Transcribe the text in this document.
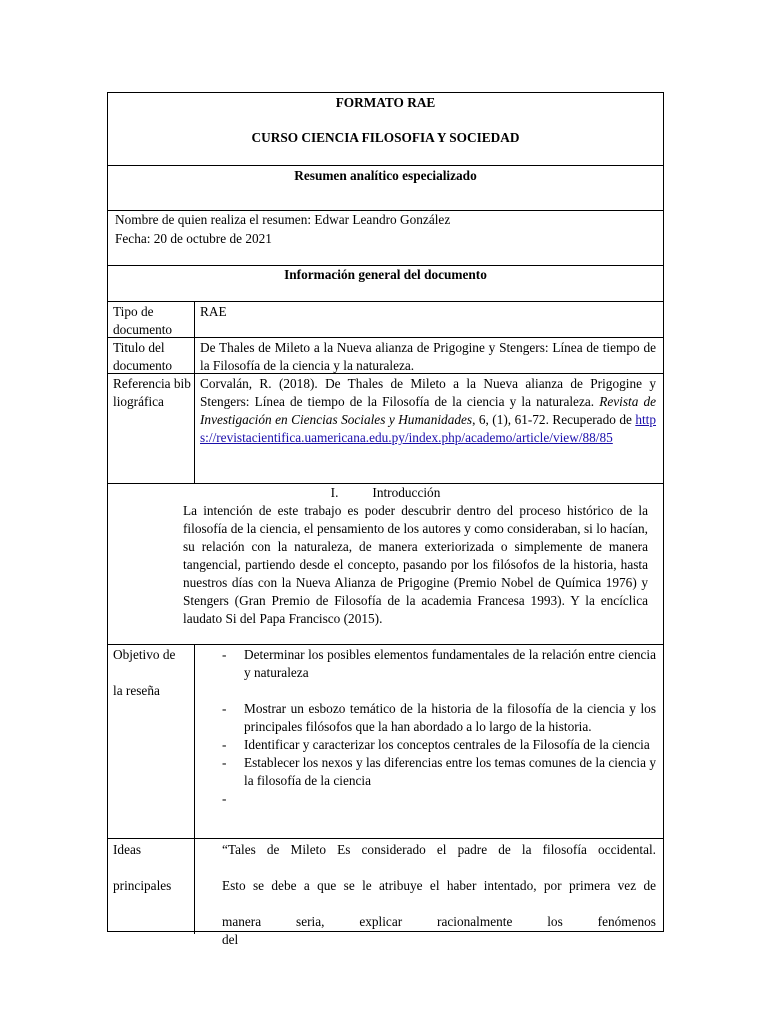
FORMATO RAE
CURSO CIENCIA FILOSOFIA Y SOCIEDAD
Resumen analítico especializado
Nombre de quien realiza el resumen: Edwar Leandro González
Fecha: 20 de octubre de 2021
Información general del documento
Tipo de documento
RAE
Titulo del documento
De Thales de Mileto a la Nueva alianza de Prigogine y Stengers: Línea de tiempo de la Filosofía de la ciencia y la naturaleza.
Referencia bibliográfica
Corvalán, R. (2018). De Thales de Mileto a la Nueva alianza de Prigogine y Stengers: Línea de tiempo de la Filosofía de la ciencia y la naturaleza. Revista de Investigación en Ciencias Sociales y Humanidades, 6, (1), 61-72. Recuperado de https://revistacientifica.uamericana.edu.py/index.php/academo/article/view/88/85
I.	Introducción
La intención de este trabajo es poder descubrir dentro del proceso histórico de la filosofía de la ciencia, el pensamiento de los autores y como consideraban, si lo hacían, su relación con la naturaleza, de manera exteriorizada o simplemente de manera tangencial, partiendo desde el concepto, pasando por los filósofos de la historia, hasta nuestros días con la Nueva Alianza de Prigogine (Premio Nobel de Química 1976) y Stengers (Gran Premio de Filosofía de la academia Francesa 1993). Y la encíclica laudato Si del Papa Francisco (2015).
Objetivo de
la reseña
- Determinar los posibles elementos fundamentales de la relación entre ciencia y naturaleza
- Mostrar un esbozo temático de la historia de la filosofía de la ciencia y los principales filósofos que la han abordado a lo largo de la historia.
- Identificar y caracterizar los conceptos centrales de la Filosofía de la ciencia
- Establecer los nexos y las diferencias entre los temas comunes de la ciencia y la filosofía de la ciencia
-
Ideas
principales
“Tales de Mileto Es considerado el padre de la filosofía occidental.
Esto se debe a que se le atribuye el haber intentado, por primera vez de
manera seria, explicar racionalmente los fenómenos del
